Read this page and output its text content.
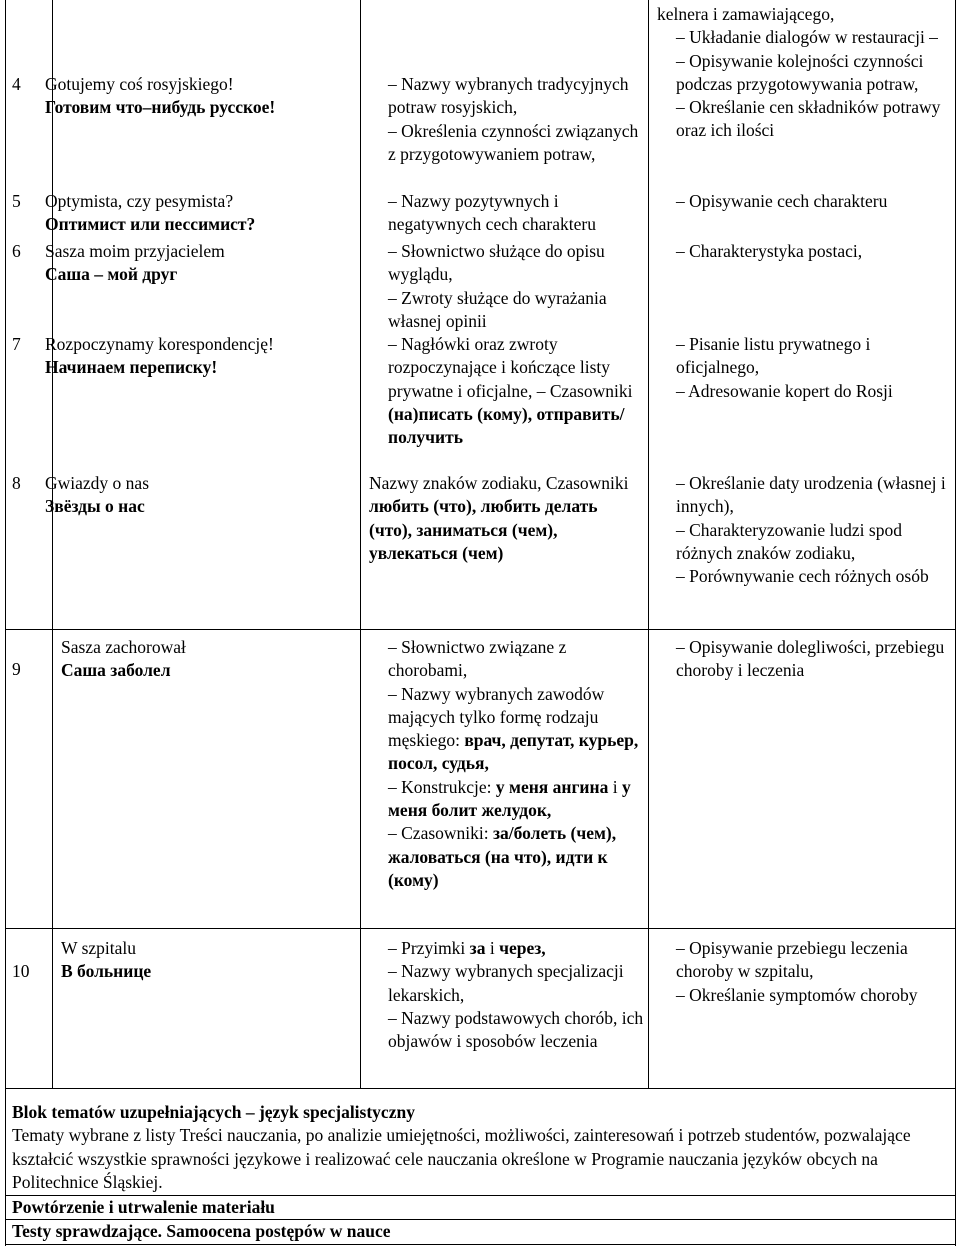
4 Gotujemy coś rosyjskiego!
Готовим что–нибудь русское!
5 Optymista, czy pesymista?
Оптимист или пессимист?
6 Sasza moim przyjacielem
Саша – мой друг
7 Rozpoczynamy korespondencję!
Начинаем переписку!
8 Gwiazdy o nas
Звёзды о нас
9
Sasza zachorował
Саша заболел
10
W szpitalu
В больнице
– Nazwy wybranych tradycyjnych potraw rosyjskich,
– Określenia czynności związanych z przygotowywaniem potraw,
– Nazwy pozytywnych i negatywnych cech charakteru
– Słownictwo służące do opisu wyglądu,
– Zwroty służące do wyrażania własnej opinii
– Nagłówki oraz zwroty rozpoczynające i kończące listy prywatne i oficjalne, – Czasowniki (на)писать (кому), отправить/получить
Nazwy znaków zodiaku, Czasowniki любить (что), любить делать (что), заниматься (чем), увлекаться (чем)
– Słownictwo związane z chorobami,
– Nazwy wybranych zawodów mających tylko formę rodzaju męskiego: врач, депутат, курьер, посол, судья,
– Konstrukcje: у меня ангина i у меня болит желудок,
– Czasowniki: за/болеть (чем), жаловаться (на что), идти к (кому)
– Przyimki за i через,
– Nazwy wybranych specjalizacji lekarskich,
– Nazwy podstawowych chorób, ich objawów i sposobów leczenia
kelnera i zamawiającego,
– Układanie dialogów w restauracji –
– Opisywanie kolejności czynności podczas przygotowywania potraw,
– Określanie cen składników potrawy oraz ich ilości
– Opisywanie cech charakteru
– Charakterystyka postaci,
– Pisanie listu prywatnego i oficjalnego,
– Adresowanie kopert do Rosji
– Określanie daty urodzenia (własnej i innych),
– Charakteryzowanie ludzi spod różnych znaków zodiaku,
– Porównywanie cech różnych osób
– Opisywanie dolegliwości, przebiegu choroby i leczenia
– Opisywanie przebiegu leczenia choroby w szpitalu,
– Określanie symptomów choroby
Blok tematów uzupełniających – język specjalistyczny
Tematy wybrane z listy Treści nauczania, po analizie umiejętności, możliwości, zainteresowań i potrzeb studentów, pozwalające kształcić wszystkie sprawności językowe i realizować cele nauczania określone w Programie nauczania języków obcych na Politechnice Śląskiej.
Powtórzenie i utrwalenie materiału
Testy sprawdzające. Samoocena postępów w nauce
